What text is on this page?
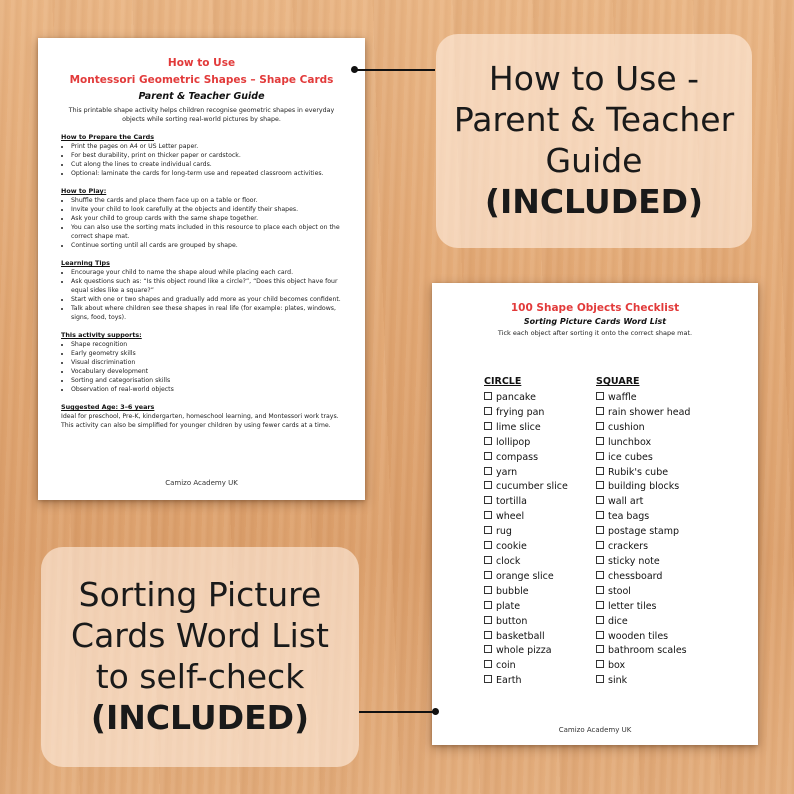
How to Use
Montessori Geometric Shapes – Shape Cards
Parent & Teacher Guide
This printable shape activity helps children recognise geometric shapes in everyday objects while sorting real-world pictures by shape.
How to Prepare the Cards
• Print the pages on A4 or US Letter paper.
• For best durability, print on thicker paper or cardstock.
• Cut along the lines to create individual cards.
• Optional: laminate the cards for long-term use and repeated classroom activities.
How to Play:
• Shuffle the cards and place them face up on a table or floor.
• Invite your child to look carefully at the objects and identify their shapes.
• Ask your child to group cards with the same shape together.
• You can also use the sorting mats included in this resource to place each object on the correct shape mat.
• Continue sorting until all cards are grouped by shape.
Learning Tips
• Encourage your child to name the shape aloud while placing each card.
• Ask questions such as: “Is this object round like a circle?”, “Does this object have four equal sides like a square?”
• Start with one or two shapes and gradually add more as your child becomes confident.
• Talk about where children see these shapes in real life (for example: plates, windows, signs, food, toys).
This activity supports:
• Shape recognition
• Early geometry skills
• Visual discrimination
• Vocabulary development
• Sorting and categorisation skills
• Observation of real-world objects
Suggested Age: 3–6 years
Ideal for preschool, Pre-K, kindergarten, homeschool learning, and Montessori work trays.
This activity can also be simplified for younger children by using fewer cards at a time.
Camizo Academy UK
How to Use -
Parent & Teacher
Guide
(INCLUDED)
100 Shape Objects Checklist
Sorting Picture Cards Word List
Tick each object after sorting it onto the correct shape mat.
CIRCLE
pancake
frying pan
lime slice
lollipop
compass
yarn
cucumber slice
tortilla
wheel
rug
cookie
clock
orange slice
bubble
plate
button
basketball
whole pizza
coin
Earth
SQUARE
waffle
rain shower head
cushion
lunchbox
ice cubes
Rubik's cube
building blocks
wall art
tea bags
postage stamp
crackers
sticky note
chessboard
stool
letter tiles
dice
wooden tiles
bathroom scales
box
sink
Camizo Academy UK
Sorting Picture
Cards Word List
to self-check
(INCLUDED)
